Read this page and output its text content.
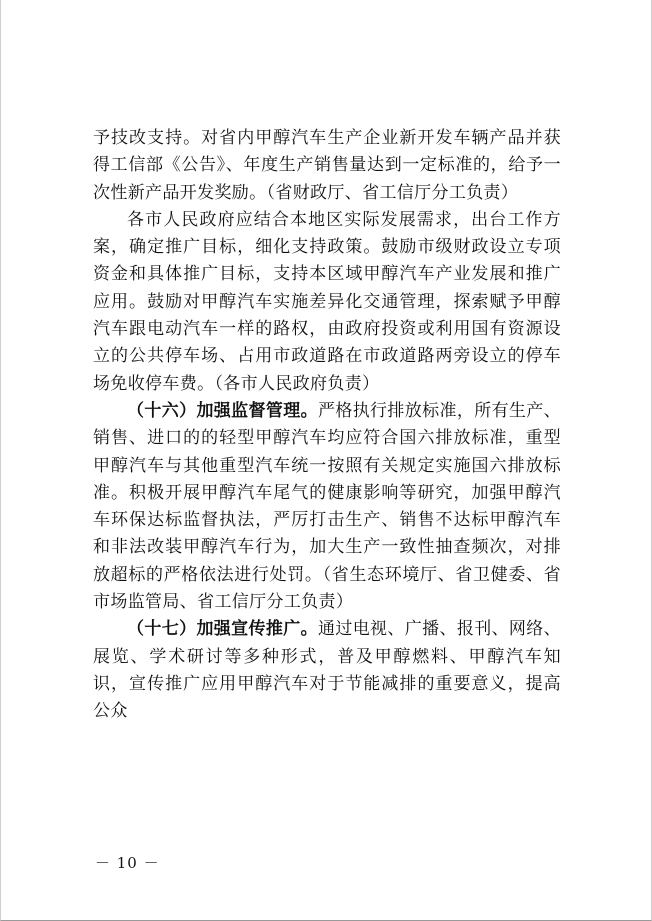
予技改支持。对省内甲醇汽车生产企业新开发车辆产品并获得工信部《公告》、年度生产销售量达到一定标准的，给予一次性新产品开发奖励。（省财政厅、省工信厅分工负责）

各市人民政府应结合本地区实际发展需求，出台工作方案，确定推广目标，细化支持政策。鼓励市级财政设立专项资金和具体推广目标，支持本区域甲醇汽车产业发展和推广应用。鼓励对甲醇汽车实施差异化交通管理，探索赋予甲醇汽车跟电动汽车一样的路权，由政府投资或利用国有资源设立的公共停车场、占用市政道路在市政道路两旁设立的停车场免收停车费。（各市人民政府负责）

（十六）加强监督管理。严格执行排放标准，所有生产、销售、进口的的轻型甲醇汽车均应符合国六排放标准，重型甲醇汽车与其他重型汽车统一按照有关规定实施国六排放标准。积极开展甲醇汽车尾气的健康影响等研究，加强甲醇汽车环保达标监督执法，严厉打击生产、销售不达标甲醇汽车和非法改装甲醇汽车行为，加大生产一致性抽查频次，对排放超标的严格依法进行处罚。（省生态环境厅、省卫健委、省市场监管局、省工信厅分工负责）

（十七）加强宣传推广。通过电视、广播、报刊、网络、展览、学术研讨等多种形式，普及甲醇燃料、甲醇汽车知识，宣传推广应用甲醇汽车对于节能减排的重要意义，提高公众

－ 10 －
